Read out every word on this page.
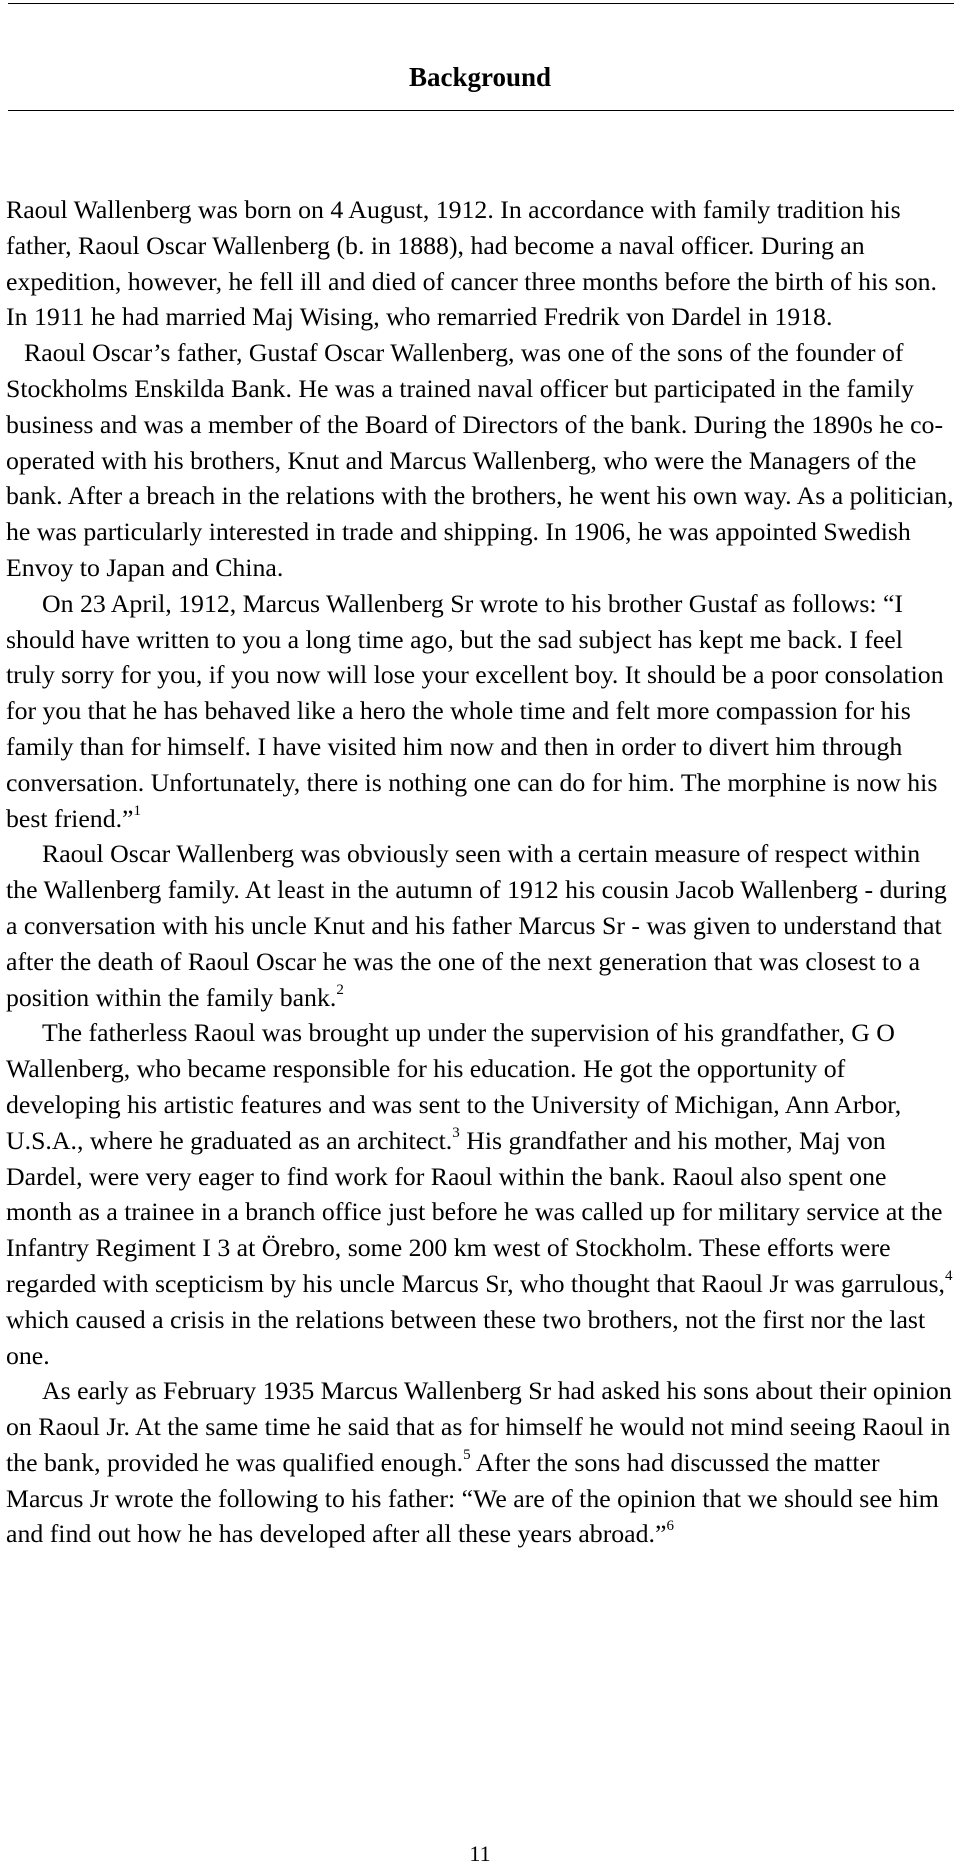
Background

Raoul Wallenberg was born on 4 August, 1912. In accordance with family tradition his father, Raoul Oscar Wallenberg (b. in 1888), had become a naval officer. During an expedition, however, he fell ill and died of cancer three months before the birth of his son. In 1911 he had married Maj Wising, who remarried Fredrik von Dardel in 1918.

Raoul Oscar’s father, Gustaf Oscar Wallenberg, was one of the sons of the founder of Stockholms Enskilda Bank. He was a trained naval officer but participated in the family business and was a member of the Board of Directors of the bank. During the 1890s he co-operated with his brothers, Knut and Marcus Wallenberg, who were the Managers of the bank. After a breach in the relations with the brothers, he went his own way. As a politician, he was particularly interested in trade and shipping. In 1906, he was appointed Swedish Envoy to Japan and China.

On 23 April, 1912, Marcus Wallenberg Sr wrote to his brother Gustaf as follows: “I should have written to you a long time ago, but the sad subject has kept me back. I feel truly sorry for you, if you now will lose your excellent boy. It should be a poor consolation for you that he has behaved like a hero the whole time and felt more compassion for his family than for himself. I have visited him now and then in order to divert him through conversation. Unfortunately, there is nothing one can do for him. The morphine is now his best friend.”$^1$

Raoul Oscar Wallenberg was obviously seen with a certain measure of respect within the Wallenberg family. At least in the autumn of 1912 his cousin Jacob Wallenberg - during a conversation with his uncle Knut and his father Marcus Sr - was given to understand that after the death of Raoul Oscar he was the one of the next generation that was closest to a position within the family bank.$^2$

The fatherless Raoul was brought up under the supervision of his grandfather, G O Wallenberg, who became responsible for his education. He got the opportunity of developing his artistic features and was sent to the University of Michigan, Ann Arbor, U.S.A., where he graduated as an architect.$^3$ His grandfather and his mother, Maj von Dardel, were very eager to find work for Raoul within the bank. Raoul also spent one month as a trainee in a branch office just before he was called up for military service at the Infantry Regiment I 3 at Örebro, some 200 km west of Stockholm. These efforts were regarded with scepticism by his uncle Marcus Sr, who thought that Raoul Jr was garrulous,$^4$ which caused a crisis in the relations between these two brothers, not the first nor the last one.

As early as February 1935 Marcus Wallenberg Sr had asked his sons about their opinion on Raoul Jr. At the same time he said that as for himself he would not mind seeing Raoul in the bank, provided he was qualified enough.$^5$ After the sons had discussed the matter Marcus Jr wrote the following to his father: “We are of the opinion that we should see him and find out how he has developed after all these years abroad.”$^6$

11
